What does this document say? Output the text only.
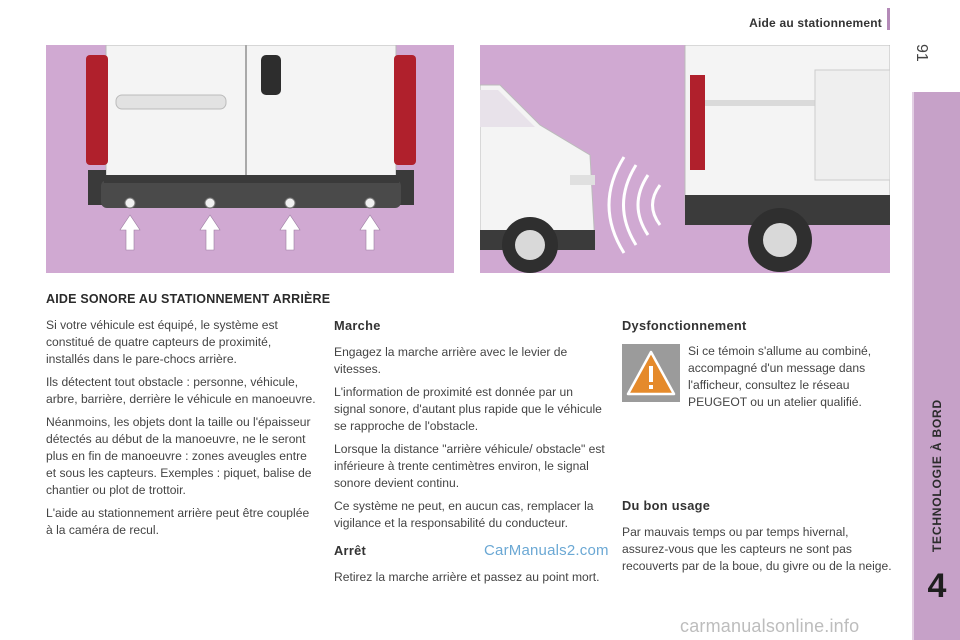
Aide au stationnement
91
TECHNOLOGIE À BORD
4
AIDE SONORE AU STATIONNEMENT ARRIÈRE

Si votre véhicule est équipé, le système est constitué de quatre capteurs de proximité, installés dans le pare-chocs arrière.

Ils détectent tout obstacle : personne, véhicule, arbre, barrière, derrière le véhicule en manoeuvre.

Néanmoins, les objets dont la taille ou l'épaisseur détectés au début de la manoeuvre, ne le seront plus en fin de manoeuvre : zones aveugles entre et sous les capteurs. Exemples : piquet, balise de chantier ou plot de trottoir.

L'aide au stationnement arrière peut être couplée à la caméra de recul.

Marche

Engagez la marche arrière avec le levier de vitesses.

L'information de proximité est donnée par un signal sonore, d'autant plus rapide que le véhicule se rapproche de l'obstacle.

Lorsque la distance "arrière véhicule/ obstacle" est inférieure à trente centimètres environ, le signal sonore devient continu.

Ce système ne peut, en aucun cas, remplacer la vigilance et la responsabilité du conducteur.

Arrêt

Retirez la marche arrière et passez au point mort.

Dysfonctionnement
Si ce témoin s'allume au combiné, accompagné d'un message dans l'afficheur, consultez le réseau PEUGEOT ou un atelier qualifié.
Du bon usage

Par mauvais temps ou par temps hivernal, assurez-vous que les capteurs ne sont pas recouverts par de la boue, du givre ou de la neige.

CarManuals2.com
carmanualsonline.info
